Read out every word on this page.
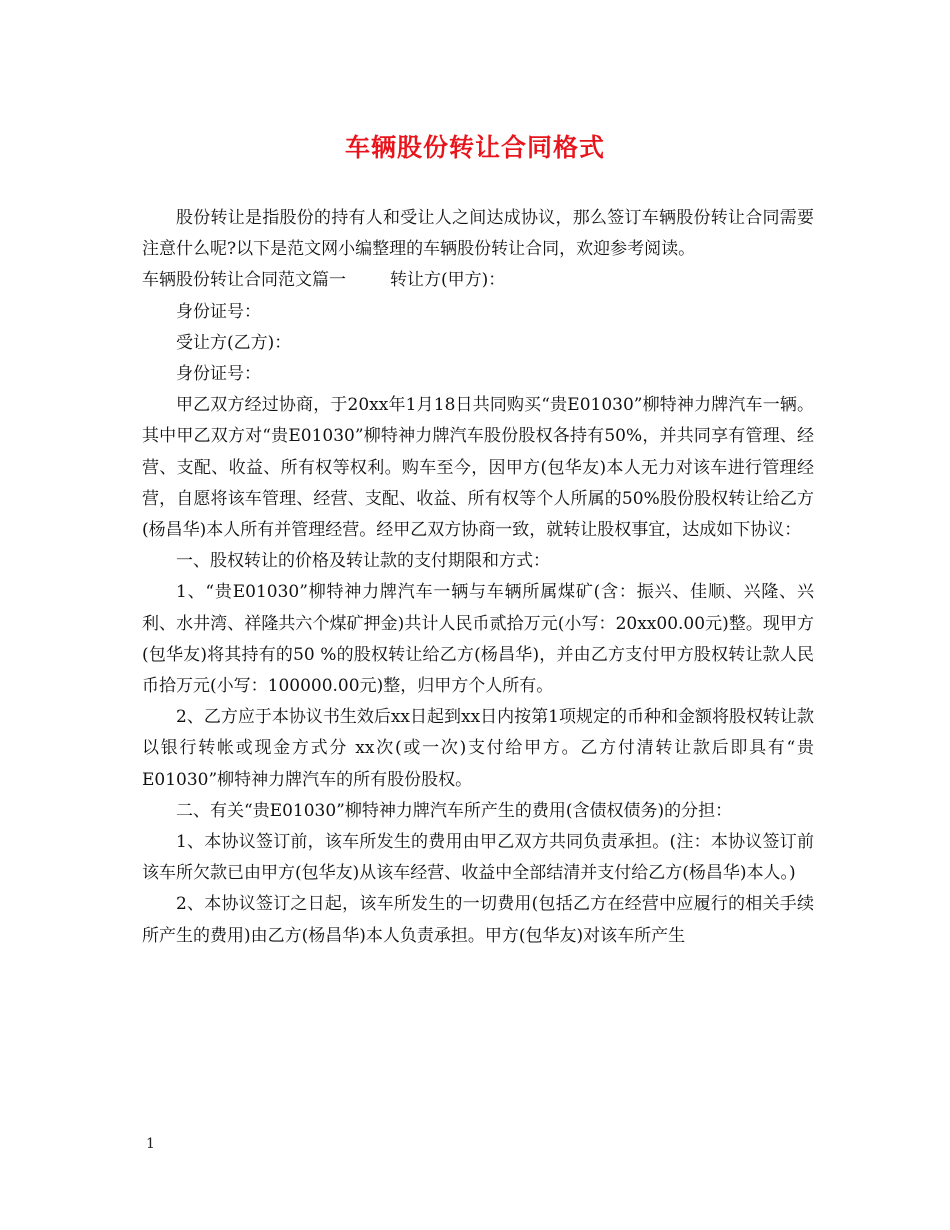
车辆股份转让合同格式

股份转让是指股份的持有人和受让人之间达成协议，那么签订车辆股份转让合同需要注意什么呢?以下是范文网小编整理的车辆股份转让合同，欢迎参考阅读。

车辆股份转让合同范文篇一	转让方(甲方)：

身份证号：

受让方(乙方)：

身份证号：

甲乙双方经过协商，于20xx年1月18日共同购买“贵E01030”柳特神力牌汽车一辆。其中甲乙双方对“贵E01030”柳特神力牌汽车股份股权各持有50%，并共同享有管理、经营、支配、收益、所有权等权利。购车至今，因甲方(包华友)本人无力对该车进行管理经营，自愿将该车管理、经营、支配、收益、所有权等个人所属的50%股份股权转让给乙方(杨昌华)本人所有并管理经营。经甲乙双方协商一致，就转让股权事宜，达成如下协议：

一、股权转让的价格及转让款的支付期限和方式：

1、“贵E01030”柳特神力牌汽车一辆与车辆所属煤矿(含：振兴、佳顺、兴隆、兴利、水井湾、祥隆共六个煤矿押金)共计人民币贰拾万元(小写：20xx00.00元)整。现甲方(包华友)将其持有的50 %的股权转让给乙方(杨昌华)，并由乙方支付甲方股权转让款人民币拾万元(小写：100000.00元)整，归甲方个人所有。

2、乙方应于本协议书生效后xx日起到xx日内按第1项规定的币种和金额将股权转让款以银行转帐或现金方式分 xx次(或一次)支付给甲方。乙方付清转让款后即具有“贵E01030”柳特神力牌汽车的所有股份股权。

二、有关“贵E01030”柳特神力牌汽车所产生的费用(含债权债务)的分担：

1、本协议签订前，该车所发生的费用由甲乙双方共同负责承担。(注：本协议签订前该车所欠款已由甲方(包华友)从该车经营、收益中全部结清并支付给乙方(杨昌华)本人。)

2、本协议签订之日起，该车所发生的一切费用(包括乙方在经营中应履行的相关手续所产生的费用)由乙方(杨昌华)本人负责承担。甲方(包华友)对该车所产生

1
